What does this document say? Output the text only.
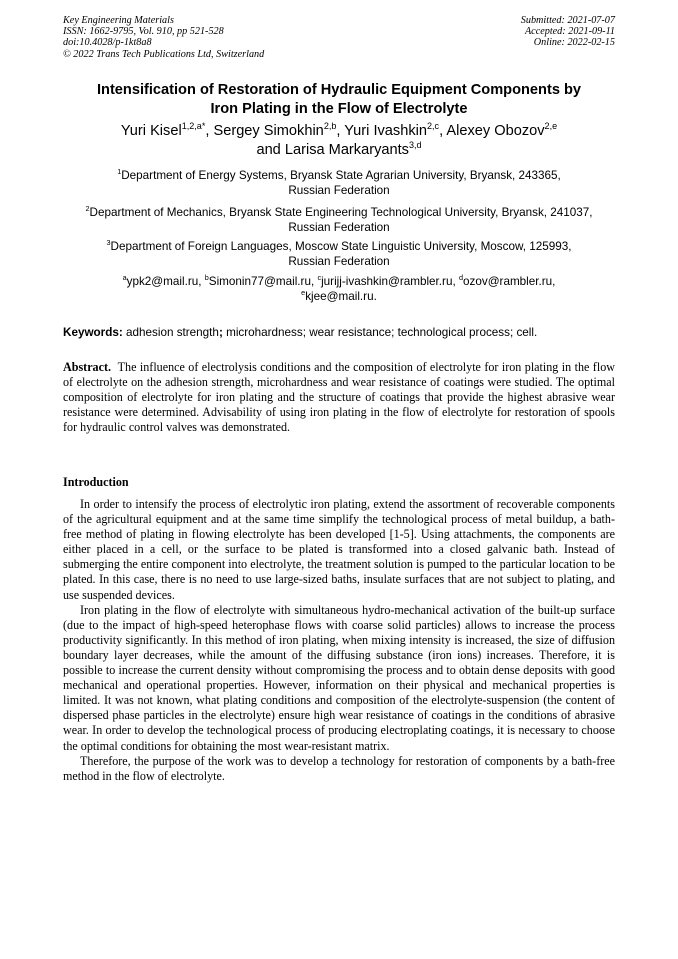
Key Engineering Materials
ISSN: 1662-9795, Vol. 910, pp 521-528
doi:10.4028/p-1kt8a8
© 2022 Trans Tech Publications Ltd, Switzerland
Submitted: 2021-07-07
Accepted: 2021-09-11
Online: 2022-02-15
Intensification of Restoration of Hydraulic Equipment Components by
Iron Plating in the Flow of Electrolyte
Yuri Kisel$^{1,2,a*}$, Sergey Simokhin$^{2,b}$, Yuri Ivashkin$^{2,c}$, Alexey Obozov$^{2,e}$
and Larisa Markaryants$^{3,d}$
$^1$Department of Energy Systems, Bryansk State Agrarian University, Bryansk, 243365,
Russian Federation
$^2$Department of Mechanics, Bryansk State Engineering Technological University, Bryansk, 241037,
Russian Federation
$^3$Department of Foreign Languages, Moscow State Linguistic University, Moscow, 125993,
Russian Federation
$^a$ypk2@mail.ru, $^b$Simonin77@mail.ru, $^c$jurijj-ivashkin@rambler.ru, $^d$ozov@rambler.ru,
$^e$kjee@mail.ru.
Keywords: adhesion strength; microhardness; wear resistance; technological process; cell.
Abstract. The influence of electrolysis conditions and the composition of electrolyte for iron plating in the flow of electrolyte on the adhesion strength, microhardness and wear resistance of coatings were studied. The optimal composition of electrolyte for iron plating and the structure of coatings that provide the highest abrasive wear resistance were determined. Advisability of using iron plating in the flow of electrolyte for restoration of spools for hydraulic control valves was demonstrated.
Introduction

In order to intensify the process of electrolytic iron plating, extend the assortment of recoverable components of the agricultural equipment and at the same time simplify the technological process of metal buildup, a bath-free method of plating in flowing electrolyte has been developed [1-5]. Using attachments, the components are either placed in a cell, or the surface to be plated is transformed into a closed galvanic bath. Instead of submerging the entire component into electrolyte, the treatment solution is pumped to the particular location to be plated. In this case, there is no need to use large-sized baths, insulate surfaces that are not subject to plating, and use suspended devices.

Iron plating in the flow of electrolyte with simultaneous hydro-mechanical activation of the built-up surface (due to the impact of high-speed heterophase flows with coarse solid particles) allows to increase the process productivity significantly. In this method of iron plating, when mixing intensity is increased, the size of diffusion boundary layer decreases, while the amount of the diffusing substance (iron ions) increases. Therefore, it is possible to increase the current density without compromising the process and to obtain dense deposits with good mechanical and operational properties. However, information on their physical and mechanical properties is limited. It was not known, what plating conditions and composition of the electrolyte-suspension (the content of dispersed phase particles in the electrolyte) ensure high wear resistance of coatings in the conditions of abrasive wear. In order to develop the technological process of producing electroplating coatings, it is necessary to choose the optimal conditions for obtaining the most wear-resistant matrix.

Therefore, the purpose of the work was to develop a technology for restoration of components by a bath-free method in the flow of electrolyte.
